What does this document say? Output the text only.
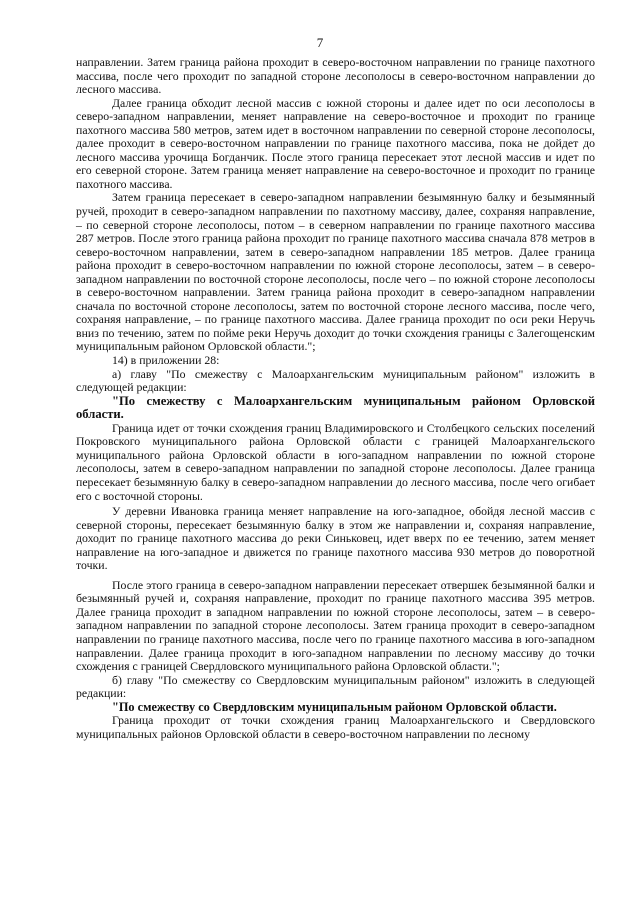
7

направлении. Затем граница района проходит в северо-восточном направлении по границе пахотного массива, после чего проходит по западной стороне лесополосы в северо-восточном направлении до лесного массива.

Далее граница обходит лесной массив с южной стороны и далее идет по оси лесополосы в северо-западном направлении, меняет направление на северо-восточное и проходит по границе пахотного массива 580 метров, затем идет в восточном направлении по северной стороне лесополосы, далее проходит в северо-восточном направлении по границе пахотного массива, пока не дойдет до лесного массива урочища Богданчик. После этого граница пересекает этот лесной массив и идет по его северной стороне. Затем граница меняет направление на северо-восточное и проходит по границе пахотного массива.

Затем граница пересекает в северо-западном направлении безымянную балку и безымянный ручей, проходит в северо-западном направлении по пахотному массиву, далее, сохраняя направление, – по северной стороне лесополосы, потом – в северном направлении по границе пахотного массива 287 метров. После этого граница района проходит по границе пахотного массива сначала 878 метров в северо-восточном направлении, затем в северо-западном направлении 185 метров. Далее граница района проходит в северо-восточном направлении по южной стороне лесополосы, затем – в северо-западном направлении по восточной стороне лесополосы, после чего – по южной стороне лесополосы в северо-восточном направлении. Затем граница района проходит в северо-западном направлении сначала по восточной стороне лесополосы, затем по восточной стороне лесного массива, после чего, сохраняя направление, – по границе пахотного массива. Далее граница проходит по оси реки Неручь вниз по течению, затем по пойме реки Неручь доходит до точки схождения границы с Залегощенским муниципальным районом Орловской области.";

14) в приложении 28:

а) главу "По смежеству с Малоархангельским муниципальным районом" изложить в следующей редакции:

"По смежеству с Малоархангельским муниципальным районом Орловской области.

Граница идет от точки схождения границ Владимировского и Столбецкого сельских поселений Покровского муниципального района Орловской области с границей Малоархангельского муниципального района Орловской области в юго-западном направлении по южной стороне лесополосы, затем в северо-западном направлении по западной стороне лесополосы. Далее граница пересекает безымянную балку в северо-западном направлении до лесного массива, после чего огибает его с восточной стороны.

У деревни Ивановка граница меняет направление на юго-западное, обойдя лесной массив с северной стороны, пересекает безымянную балку в этом же направлении и, сохраняя направление, доходит по границе пахотного массива до реки Синьковец, идет вверх по ее течению, затем меняет направление на юго-западное и движется по границе пахотного массива 930 метров до поворотной точки.

После этого граница в северо-западном направлении пересекает отвершек безымянной балки и безымянный ручей и, сохраняя направление, проходит по границе пахотного массива 395 метров. Далее граница проходит в западном направлении по южной стороне лесополосы, затем – в северо-западном направлении по западной стороне лесополосы. Затем граница проходит в северо-западном направлении по границе пахотного массива, после чего по границе пахотного массива в юго-западном направлении. Далее граница проходит в юго-западном направлении по лесному массиву до точки схождения с границей Свердловского муниципального района Орловской области.";

б) главу "По смежеству со Свердловским муниципальным районом" изложить в следующей редакции:

"По смежеству со Свердловским муниципальным районом Орловской области.

Граница проходит от точки схождения границ Малоархангельского и Свердловского муниципальных районов Орловской области в северо-восточном направлении по лесному
